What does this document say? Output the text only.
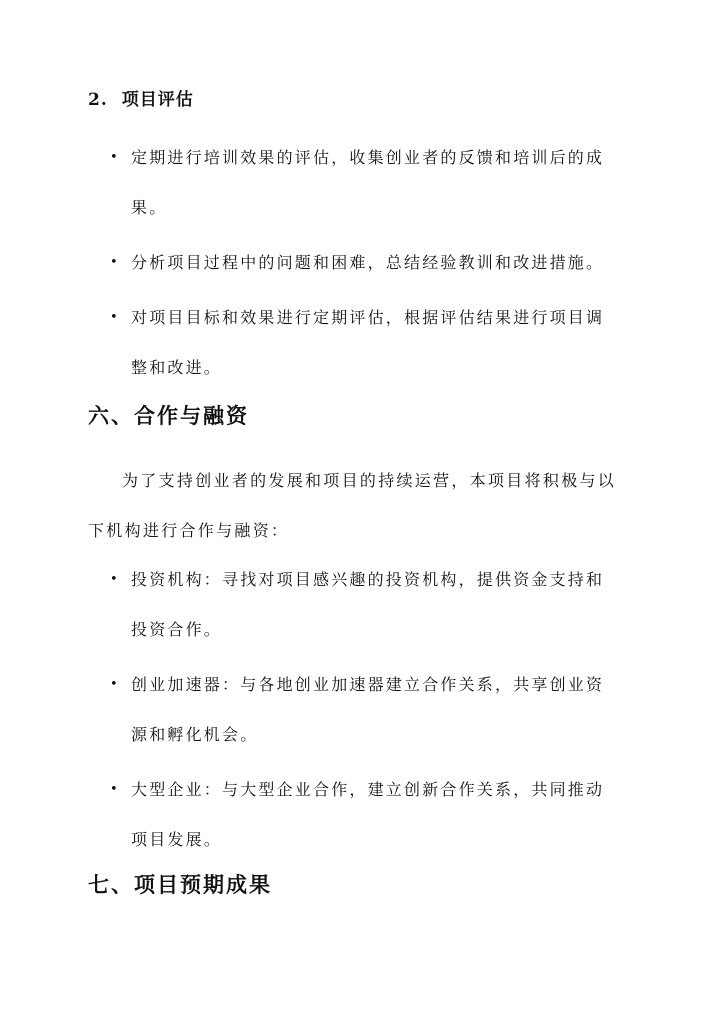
2. 项目评估
• 定期进行培训效果的评估，收集创业者的反馈和培训后的成果。
• 分析项目过程中的问题和困难，总结经验教训和改进措施。
• 对项目目标和效果进行定期评估，根据评估结果进行项目调整和改进。
六、合作与融资

为了支持创业者的发展和项目的持续运营，本项目将积极与以下机构进行合作与融资：

• 投资机构：寻找对项目感兴趣的投资机构，提供资金支持和投资合作。
• 创业加速器：与各地创业加速器建立合作关系，共享创业资源和孵化机会。
• 大型企业：与大型企业合作，建立创新合作关系，共同推动项目发展。
七、项目预期成果
